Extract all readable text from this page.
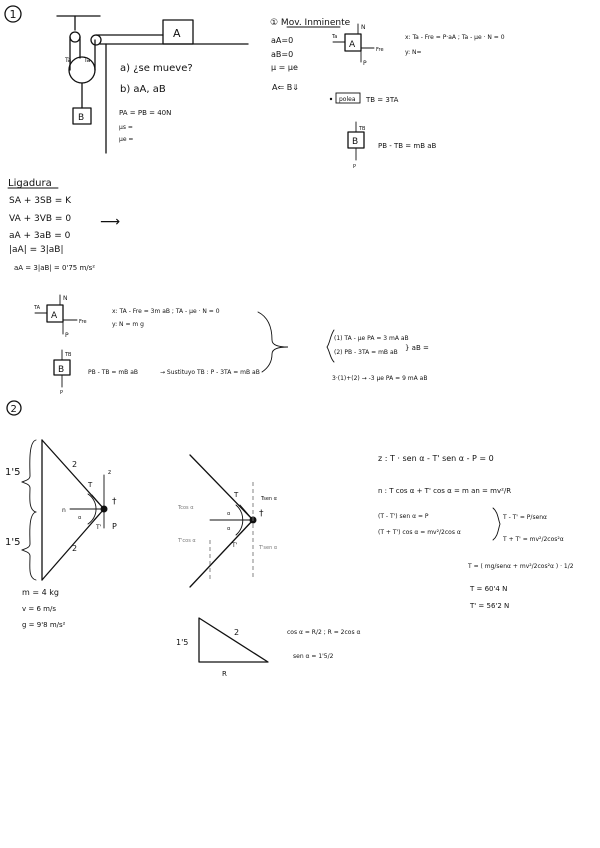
1
A
B
Ta Ta
a) ¿se mueve?
b) aA, aB
PA = PB = 40N
μs =
μe =
① Mov. Inminente
aA=0
aB=0
μ = μe
A
N
Ta
Fre
P
x: Ta - Fre = P·aA ; Ta - μe · N = 0
y: N=
A⇐ B⇓
polea TB = 3TA
B
TB
P
PB - TB = mB aB
Ligadura
SA + 3SB = K
VA + 3VB = 0
aA + 3aB = 0
|aA| = 3|aB|
⟶
aA = 3|aB| = 0'75 m/s²
A
N
TA
Fre
P
x: TA - Fre = 3m aB ; TA - μe · N = 0
y: N = m g
B
TB
P
PB - TB = mB aB	→ Sustituyo TB : P - 3TA = mB aB
(1) TA - μe PA = 3 mA aB
(2) PB - 3TA = mB aB
} aB =
3·(1)+(2) → -3 μe PA = 9 mA aB
2
1'5
1'5
2
2
T
T'
†
P
z
n
α
m = 4 kg
v = 6 m/s
g = 9'8 m/s²
T
T'
α
α
†
Tcos α
Tsen α
T'cos α
T'sen α
1'5
2
R
cos α = R/2 ; R = 2cos α
sen α = 1'5/2
z : T · sen α - T' sen α - P = 0
n : T cos α + T' cos α = m an = mv²/R
(T - T') sen α = P
(T + T') cos α = mv²/2cos α
T - T' = P/senα
T + T' = mv²/2cos²α
T = ( mg/senα + mv²/2cos²α ) · 1/2
T = 60'4 N
T' = 56'2 N
